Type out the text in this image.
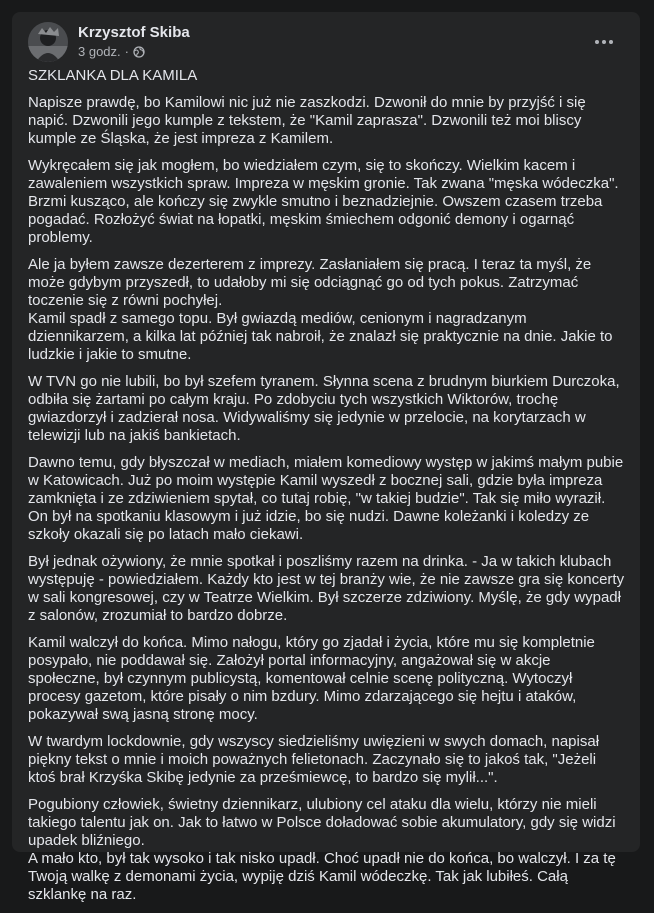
Krzysztof Skiba
3 godz. ·
SZKLANKA DLA KAMILA
Napisze prawdę, bo Kamilowi nic już nie zaszkodzi. Dzwonił do mnie by przyjść i się napić. Dzwonili jego kumple z tekstem, że "Kamil zaprasza". Dzwonili też moi bliscy kumple ze Śląska, że jest impreza z Kamilem.
Wykręcałem się jak mogłem, bo wiedziałem czym, się to skończy. Wielkim kacem i zawaleniem wszystkich spraw. Impreza w męskim gronie. Tak zwana "męska wódeczka". Brzmi kusząco, ale kończy się zwykle smutno i beznadziejnie. Owszem czasem trzeba pogadać. Rozłożyć świat na łopatki, męskim śmiechem odgonić demony i ogarnąć problemy.
Ale ja byłem zawsze dezerterem z imprezy. Zasłaniałem się pracą. I teraz ta myśl, że może gdybym przyszedł, to udałoby mi się odciągnąć go od tych pokus. Zatrzymać toczenie się z równi pochyłej.
Kamil spadł z samego topu. Był gwiazdą mediów, cenionym i nagradzanym dziennikarzem, a kilka lat później tak nabroił, że znalazł się praktycznie na dnie. Jakie to ludzkie i jakie to smutne.
W TVN go nie lubili, bo był szefem tyranem. Słynna scena z brudnym biurkiem Durczoka, odbiła się żartami po całym kraju. Po zdobyciu tych wszystkich Wiktorów, trochę gwiazdorzył i zadzierał nosa. Widywaliśmy się jedynie w przelocie, na korytarzach w telewizji lub na jakiś bankietach.
Dawno temu, gdy błyszczał w mediach, miałem komediowy występ w jakimś małym pubie w Katowicach. Już po moim występie Kamil wyszedł z bocznej sali, gdzie była impreza zamknięta i ze zdziwieniem spytał, co tutaj robię, "w takiej budzie". Tak się miło wyraził. On był na spotkaniu klasowym i już idzie, bo się nudzi. Dawne koleżanki i koledzy ze szkoły okazali się po latach mało ciekawi.
Był jednak ożywiony, że mnie spotkał i poszliśmy razem na drinka. - Ja w takich klubach występuję - powiedziałem. Każdy kto jest w tej branży wie, że nie zawsze gra się koncerty w sali kongresowej, czy w Teatrze Wielkim. Był szczerze zdziwiony. Myślę, że gdy wypadł z salonów, zrozumiał to bardzo dobrze.
Kamil walczył do końca. Mimo nałogu, który go zjadał i życia, które mu się kompletnie posypało, nie poddawał się. Założył portal informacyjny, angażował się w akcje społeczne, był czynnym publicystą, komentował celnie scenę polityczną. Wytoczył procesy gazetom, które pisały o nim bzdury. Mimo zdarzającego się hejtu i ataków, pokazywał swą jasną stronę mocy.
W twardym lockdownie, gdy wszyscy siedzieliśmy uwięzieni w swych domach, napisał piękny tekst o mnie i moich poważnych felietonach. Zaczynało się to jakoś tak, "Jeżeli ktoś brał Krzyśka Skibę jedynie za prześmiewcę, to bardzo się mylił...".
Pogubiony człowiek, świetny dziennikarz, ulubiony cel ataku dla wielu, którzy nie mieli takiego talentu jak on. Jak to łatwo w Polsce doładować sobie akumulatory, gdy się widzi upadek bliźniego.
A mało kto, był tak wysoko i tak nisko upadł. Choć upadł nie do końca, bo walczył. I za tę Twoją walkę z demonami życia, wypiję dziś Kamil wódeczkę. Tak jak lubiłeś. Całą szklankę na raz.
